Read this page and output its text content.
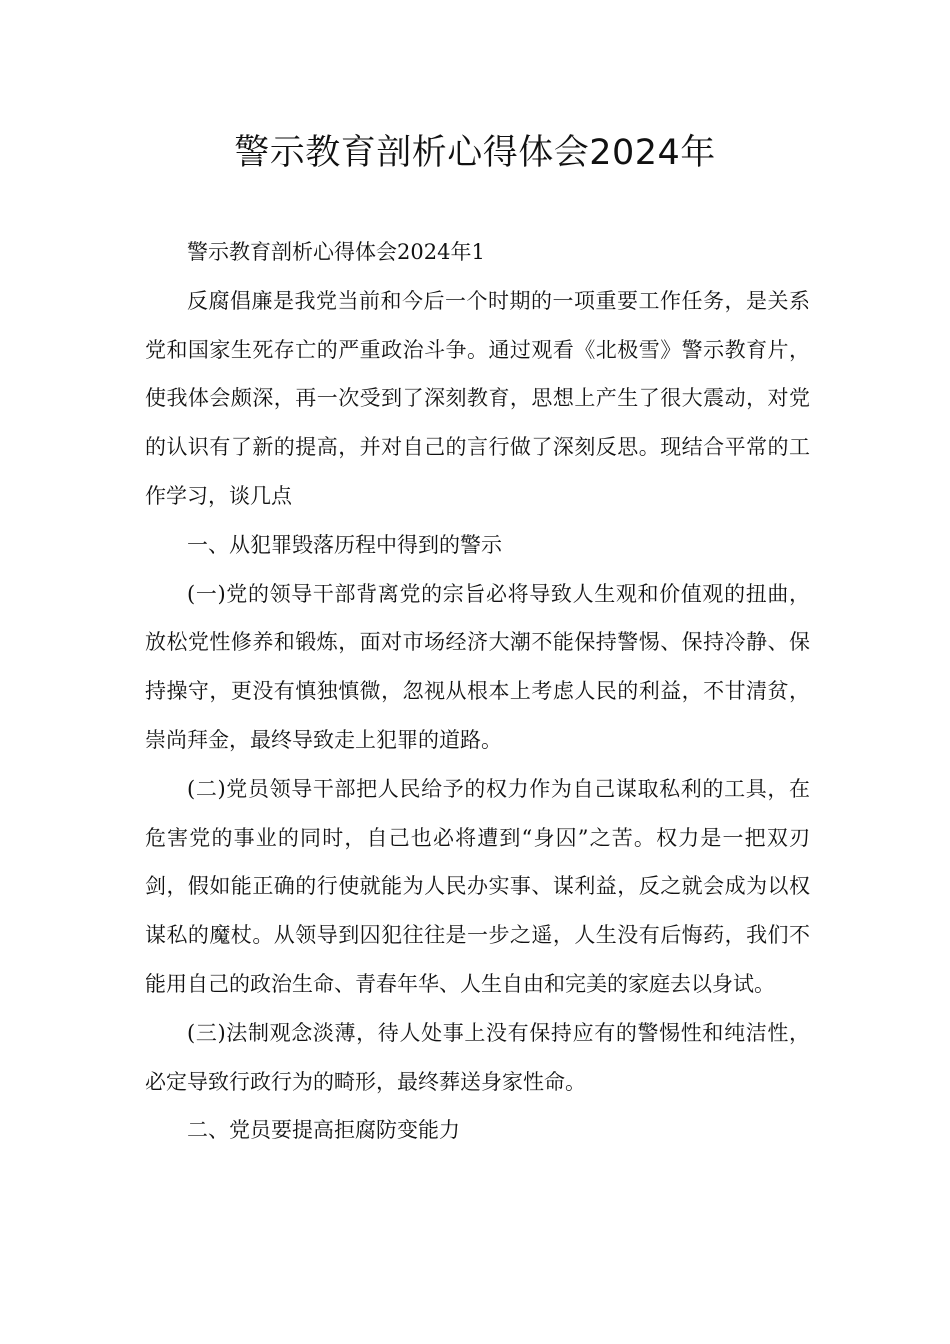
警示教育剖析心得体会2024年

警示教育剖析心得体会2024年1

反腐倡廉是我党当前和今后一个时期的一项重要工作任务，是关系党和国家生死存亡的严重政治斗争。通过观看《北极雪》警示教育片，使我体会颇深，再一次受到了深刻教育，思想上产生了很大震动，对党的认识有了新的提高，并对自己的言行做了深刻反思。现结合平常的工作学习，谈几点

一、从犯罪毁落历程中得到的警示

(一)党的领导干部背离党的宗旨必将导致人生观和价值观的扭曲，放松党性修养和锻炼，面对市场经济大潮不能保持警惕、保持冷静、保持操守，更没有慎独慎微，忽视从根本上考虑人民的利益，不甘清贫，崇尚拜金，最终导致走上犯罪的道路。

(二)党员领导干部把人民给予的权力作为自己谋取私利的工具，在危害党的事业的同时，自己也必将遭到“身囚”之苦。权力是一把双刃剑，假如能正确的行使就能为人民办实事、谋利益，反之就会成为以权谋私的魔杖。从领导到囚犯往往是一步之遥，人生没有后悔药，我们不能用自己的政治生命、青春年华、人生自由和完美的家庭去以身试。

(三)法制观念淡薄，待人处事上没有保持应有的警惕性和纯洁性，必定导致行政行为的畸形，最终葬送身家性命。

二、党员要提高拒腐防变能力
